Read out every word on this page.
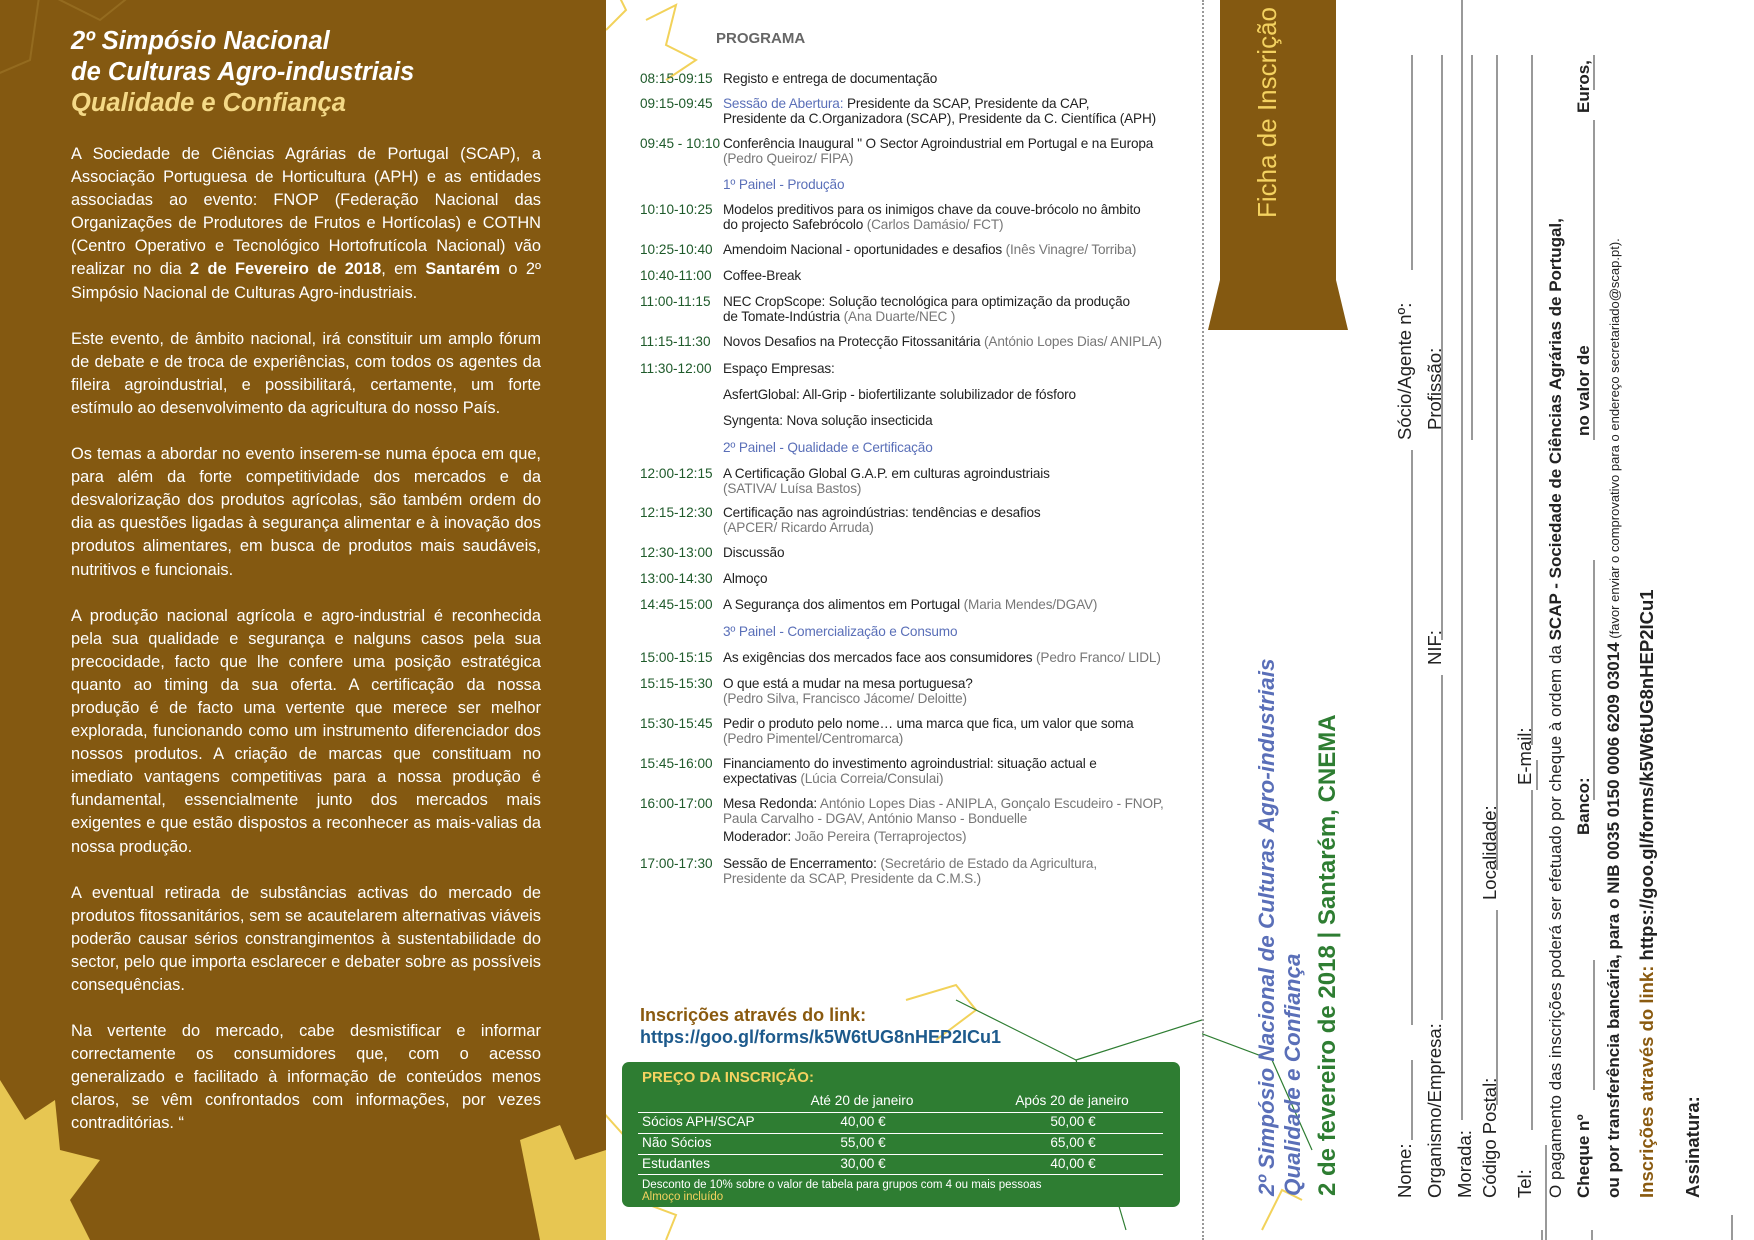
2º Simpósio Nacional
de Culturas Agro-industriais
Qualidade e Confiança

A Sociedade de Ciências Agrárias de Portugal (SCAP), a Associação Portuguesa de Horticultura (APH) e as entidades associadas ao evento: FNOP (Federação Nacional das Organizações de Produtores de Frutos e Hortícolas) e COTHN (Centro Operativo e Tecnológico Hortofrutícola Nacional) vão realizar no dia 2 de Fevereiro de 2018, em Santarém o 2º Simpósio Nacional de Culturas Agro-industriais.

Este evento, de âmbito nacional, irá constituir um amplo fórum de debate e de troca de experiências, com todos os agentes da fileira agroindustrial, e possibilitará, certamente, um forte estímulo ao desenvolvimento da agricultura do nosso País.

Os temas a abordar no evento inserem-se numa época em que, para além da forte competitividade dos mercados e da desvalorização dos produtos agrícolas, são também ordem do dia as questões ligadas à segurança alimentar e à inovação dos produtos alimentares, em busca de produtos mais saudáveis, nutritivos e funcionais.

A produção nacional agrícola e agro-industrial é reconhecida pela sua qualidade e segurança e nalguns casos pela sua precocidade, facto que lhe confere uma posição estratégica quanto ao timing da sua oferta. A certificação da nossa produção é de facto uma vertente que merece ser melhor explorada, funcionando como um instrumento diferenciador dos nossos produtos. A criação de marcas que constituam no imediato vantagens competitivas para a nossa produção é fundamental, essencialmente junto dos mercados mais exigentes e que estão dispostos a reconhecer as mais-valias da nossa produção.

A eventual retirada de substâncias activas do mercado de produtos fitossanitários, sem se acautelarem alternativas viáveis poderão causar sérios constrangimentos à sustentabilidade do sector, pelo que importa esclarecer e debater sobre as possíveis consequências.

Na vertente do mercado, cabe desmistificar e informar correctamente os consumidores que, com o acesso generalizado e facilitado à informação de conteúdos menos claros, se vêm confrontados com informações, por vezes contraditórias. “

PROGRAMA
08:15-09:15 Registo e entrega de documentação
09:15-09:45 Sessão de Abertura: Presidente da SCAP, Presidente da CAP,
Presidente da C.Organizadora (SCAP), Presidente da C. Científica (APH)
09:45 - 10:10 Conferência Inaugural " O Sector Agroindustrial em Portugal e na Europa
(Pedro Queiroz/ FIPA)
1º Painel - Produção
10:10-10:25 Modelos preditivos para os inimigos chave da couve-brócolo no âmbito
do projecto Safebrócolo (Carlos Damásio/ FCT)
10:25-10:40 Amendoim Nacional - oportunidades e desafios (Inês Vinagre/ Torriba)
10:40-11:00 Coffee-Break
11:00-11:15 NEC CropScope: Solução tecnológica para optimização da produção
de Tomate-Indústria (Ana Duarte/NEC )
11:15-11:30 Novos Desafios na Protecção Fitossanitária (António Lopes Dias/ ANIPLA)
11:30-12:00 Espaço Empresas:
AsfertGlobal: All-Grip - biofertilizante solubilizador de fósforo
Syngenta: Nova solução insecticida
2º Painel - Qualidade e Certificação
12:00-12:15 A Certificação Global G.A.P. em culturas agroindustriais
(SATIVA/ Luísa Bastos)
12:15-12:30 Certificação nas agroindústrias: tendências e desafios
(APCER/ Ricardo Arruda)
12:30-13:00 Discussão
13:00-14:30 Almoço
14:45-15:00 A Segurança dos alimentos em Portugal (Maria Mendes/DGAV)
3º Painel - Comercialização e Consumo
15:00-15:15 As exigências dos mercados face aos consumidores (Pedro Franco/ LIDL)
15:15-15:30 O que está a mudar na mesa portuguesa?
(Pedro Silva, Francisco Jácome/ Deloitte)
15:30-15:45 Pedir o produto pelo nome… uma marca que fica, um valor que soma
(Pedro Pimentel/Centromarca)
15:45-16:00 Financiamento do investimento agroindustrial: situação actual e
expectativas (Lúcia Correia/Consulai)
16:00-17:00 Mesa Redonda: António Lopes Dias - ANIPLA, Gonçalo Escudeiro - FNOP,
Paula Carvalho - DGAV, António Manso - Bonduelle
Moderador: João Pereira (Terraprojectos)
17:00-17:30 Sessão de Encerramento: (Secretário de Estado da Agricultura,
Presidente da SCAP, Presidente da C.M.S.)
Inscrições através do link:
https://goo.gl/forms/k5W6tUG8nHEP2ICu1
PREÇO DA INSCRIÇÃO:
Até 20 de janeiro	Após 20 de janeiro
Sócios APH/SCAP	40,00 €	50,00 €
Não Sócios	55,00 €	65,00 €
Estudantes	30,00 €	40,00 €
Desconto de 10% sobre o valor de tabela para grupos com 4 ou mais pessoas
Almoço incluído
Ficha de Inscrição
2º Simpósio Nacional de Culturas Agro-industriais Qualidade e Confiança 2 de fevereiro de 2018 | Santarém, CNEMA	Nome:
Sócio/Agente nº:
Organismo/Empresa:
NIF:
Profissão:
Morada: Código Postal:
Localidade:
Tel:
E-mail: O pagamento das inscrições poderá ser efetuado por cheque à ordem da SCAP - Sociedade de Ciências Agrárias de Portugal,
Cheque nº
Banco:
no valor de
Euros,
ou por transferência bancária, para o NIB 0035 0150 0006 6209 03014 (favor enviar o comprovativo para o endereço secretariado@scap.pt).
Inscrições através do link: https://goo.gl/forms/k5W6tUG8nHEP2ICu1
Assinatura:
